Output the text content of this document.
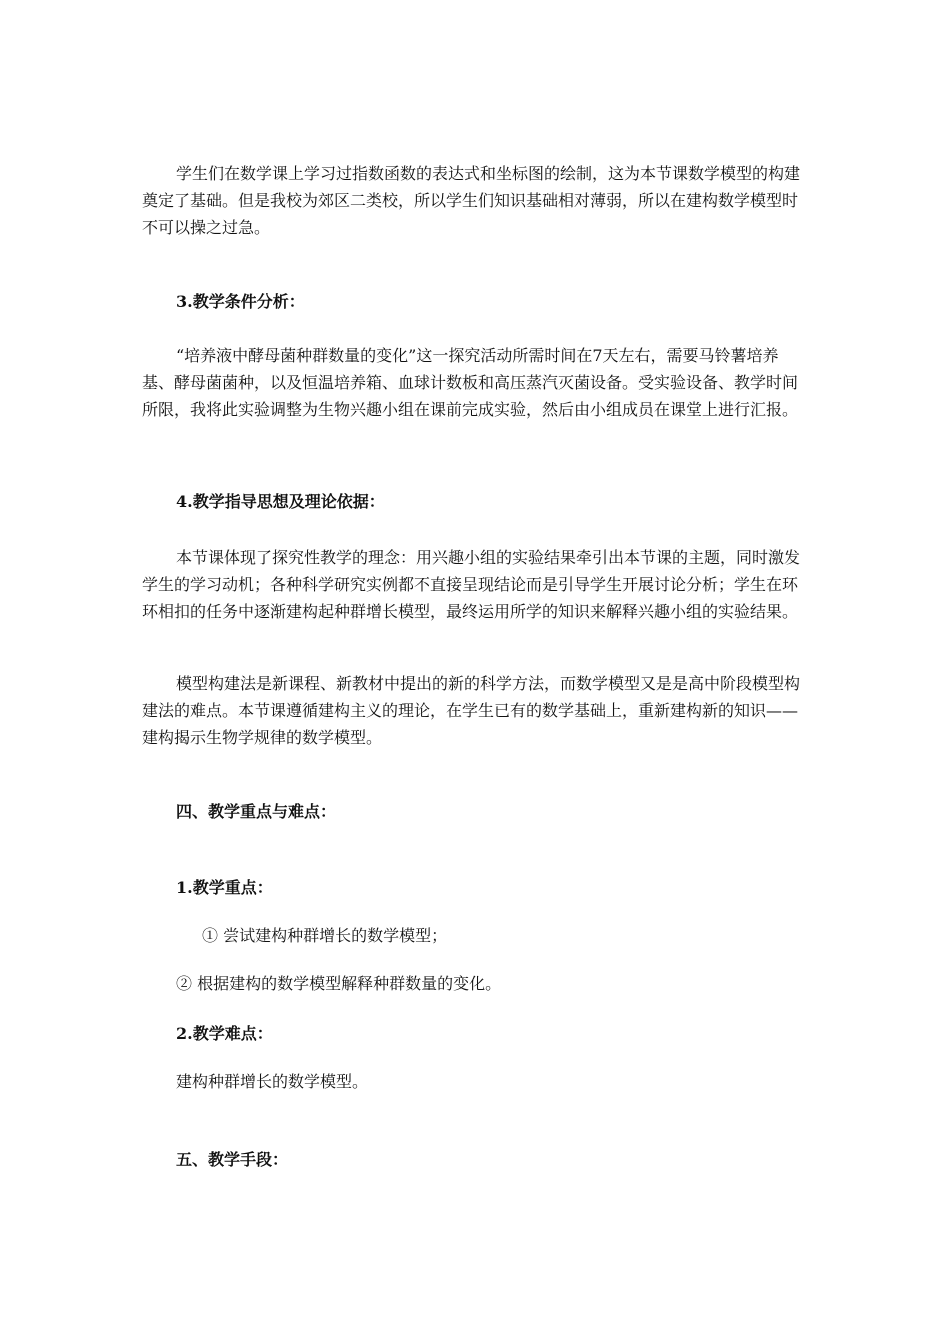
学生们在数学课上学习过指数函数的表达式和坐标图的绘制，这为本节课数学模型的构建奠定了基础。但是我校为郊区二类校，所以学生们知识基础相对薄弱，所以在建构数学模型时不可以操之过急。

3.教学条件分析：

“培养液中酵母菌种群数量的变化”这一探究活动所需时间在7天左右，需要马铃薯培养基、酵母菌菌种，以及恒温培养箱、血球计数板和高压蒸汽灭菌设备。受实验设备、教学时间所限，我将此实验调整为生物兴趣小组在课前完成实验，然后由小组成员在课堂上进行汇报。

4.教学指导思想及理论依据：

本节课体现了探究性教学的理念：用兴趣小组的实验结果牵引出本节课的主题，同时激发学生的学习动机；各种科学研究实例都不直接呈现结论而是引导学生开展讨论分析；学生在环环相扣的任务中逐渐建构起种群增长模型，最终运用所学的知识来解释兴趣小组的实验结果。

模型构建法是新课程、新教材中提出的新的科学方法，而数学模型又是是高中阶段模型构建法的难点。本节课遵循建构主义的理论，在学生已有的数学基础上，重新建构新的知识——建构揭示生物学规律的数学模型。

四、教学重点与难点：

1.教学重点：

① 尝试建构种群增长的数学模型；

② 根据建构的数学模型解释种群数量的变化。

2.教学难点：

建构种群增长的数学模型。

五、教学手段：
